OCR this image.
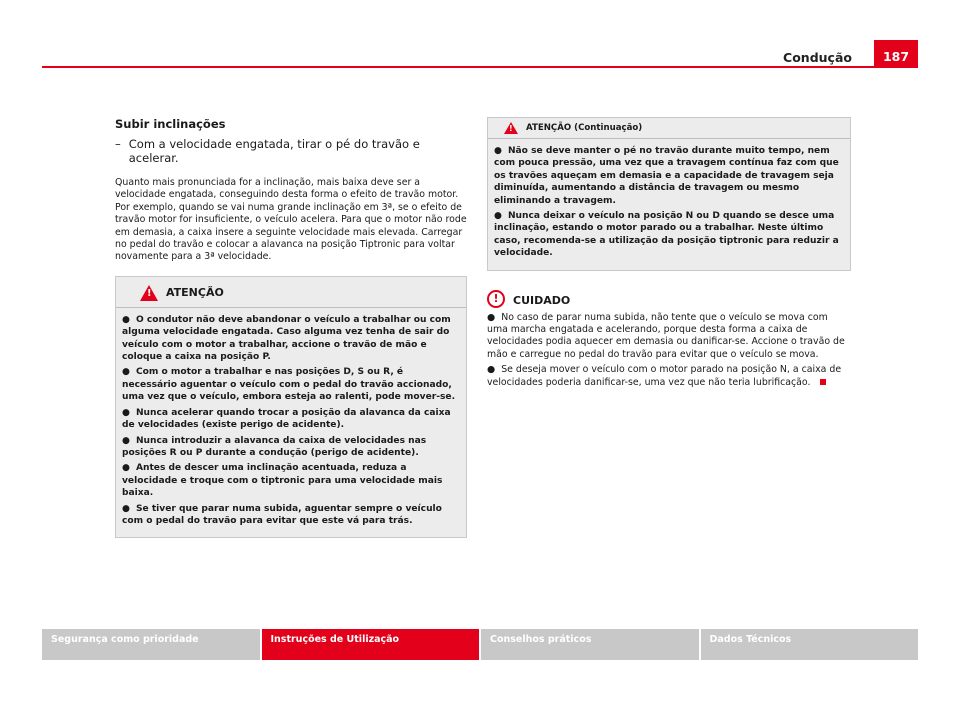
Condução	187
Subir inclinações
– Com a velocidade engatada, tirar o pé do travão e acelerar.

Quanto mais pronunciada for a inclinação, mais baixa deve ser a velocidade engatada, conseguindo desta forma o efeito de travão motor. Por exemplo, quando se vai numa grande inclinação em 3ª, se o efeito de travão motor for insuficiente, o veículo acelera. Para que o motor não rode em demasia, a caixa insere a seguinte velocidade mais elevada. Carregar no pedal do travão e colocar a alavanca na posição Tiptronic para voltar novamente para a 3ª velocidade.

!
ATENÇÃO
● O condutor não deve abandonar o veículo a trabalhar ou com alguma velocidade engatada. Caso alguma vez tenha de sair do veículo com o motor a trabalhar, accione o travão de mão e coloque a caixa na posição P.
● Com o motor a trabalhar e nas posições D, S ou R, é necessário aguentar o veículo com o pedal do travão accionado, uma vez que o veículo, embora esteja ao ralenti, pode mover-se.
● Nunca acelerar quando trocar a posição da alavanca da caixa de velocidades (existe perigo de acidente).
● Nunca introduzir a alavanca da caixa de velocidades nas posições R ou P durante a condução (perigo de acidente).
● Antes de descer uma inclinação acentuada, reduza a velocidade e troque com o tiptronic para uma velocidade mais baixa.
● Se tiver que parar numa subida, aguentar sempre o veículo com o pedal do travão para evitar que este vá para trás.
!
ATENÇÃO (Continuação)
● Não se deve manter o pé no travão durante muito tempo, nem com pouca pressão, uma vez que a travagem contínua faz com que os travões aqueçam em demasia e a capacidade de travagem seja diminuída, aumentando a distância de travagem ou mesmo eliminando a travagem.
● Nunca deixar o veículo na posição N ou D quando se desce uma inclinação, estando o motor parado ou a trabalhar. Neste último caso, recomenda-se a utilização da posição tiptronic para reduzir a velocidade.
!	CUIDADO
● No caso de parar numa subida, não tente que o veículo se mova com uma marcha engatada e acelerando, porque desta forma a caixa de velocidades podia aquecer em demasia ou danificar-se. Accione o travão de mão e carregue no pedal do travão para evitar que o veículo se mova.
● Se deseja mover o veículo com o motor parado na posição N, a caixa de velocidades poderia danificar-se, uma vez que não teria lubrificação.
Segurança como prioridade	Instruções de Utilização	Conselhos práticos	Dados Técnicos
